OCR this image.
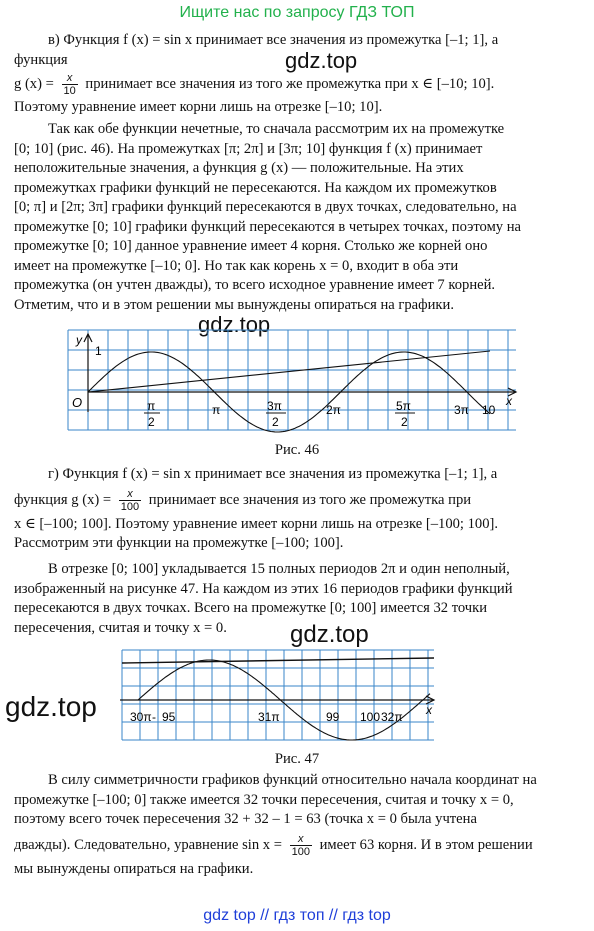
Ищите нас по запросу ГДЗ ТОП
в) Функция f (x) = sin x принимает все значения из промежутка [–1; 1], а
функция	gdz.top
g $(x) = \frac{x}{10}$ принимает все значения из того же промежутка при x ∈ [–10; 10].
Поэтому уравнение имеет корни лишь на отрезке [–10; 10].
Так как обе функции нечетные, то сначала рассмотрим их на промежутке
[0; 10] (рис. 46). На промежутках [π; 2π] и [3π; 10] функция f (x) принимает
неположительные значения, а функция g (x) — положительные. На этих
промежутках графики функций не пересекаются. На каждом их промежутков
[0; π] и [2π; 3π] графики функций пересекаются в двух точках, следовательно, на
промежутке [0; 10] графики функций пересекаются в четырех точках, поэтому на
промежутке [0; 10] данное уравнение имеет 4 корня. Столько же корней оно
имеет на промежутке [–10; 0]. Но так как корень x = 0, входит в оба эти
промежутка (он учтен дважды), то всего исходное уравнение имеет 7 корней.
Отметим, что и в этом решении мы вынуждены опираться на графики.
gdz.top
y
1
O	x
π	2π	3π 10
π
2
3π
2
5π
2
Рис. 46
г) Функция f (x) = sin x принимает все значения из промежутка [–1; 1], а
функция g $(x) = \frac{x}{100}$ принимает все значения из того же промежутка при
x ∈ [–100; 100]. Поэтому уравнение имеет корни лишь на отрезке [–100; 100].
Рассмотрим эти функции на промежутке [–100; 100].
В отрезке [0; 100] укладывается 15 полных периодов 2π и один неполный,
изображенный на рисунке 47. На каждом из этих 16 периодов графики функций
пересекаются в двух точках. Всего на промежутке [0; 100] имеется 32 точки
пересечения, считая и точку x = 0.	gdz.top
gdz.top	30π - 95	31π	99 100 32π x
Рис. 47
В силу симметричности графиков функций относительно начала координат на
промежутке [–100; 0] также имеется 32 точки пересечения, считая и точку x = 0,
поэтому всего точек пересечения 32 + 32 – 1 = 63 (точка x = 0 была учтена
дважды). Следовательно, уравнение $\sin x = \frac{x}{100}$ имеет 63 корня. И в этом решении
мы вынуждены опираться на графики.
gdz top // гдз топ // гдз top
